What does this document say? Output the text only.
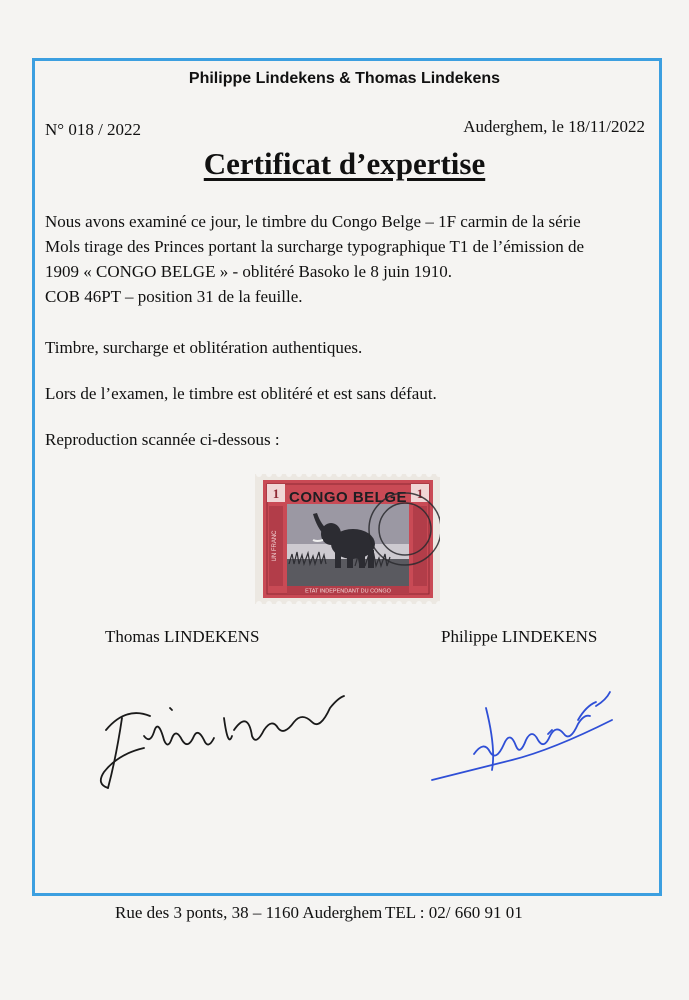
Philippe Lindekens & Thomas Lindekens
N° 018 / 2022	Auderghem, le 18/11/2022
Certificat d’expertise
Nous avons examiné ce jour, le timbre du Congo Belge – 1F carmin de la série
Mols tirage des Princes portant la surcharge typographique T1 de l’émission de
1909 « CONGO BELGE » - oblitéré Basoko le 8 juin 1910.
COB 46PT – position 31 de la feuille.
Timbre, surcharge et oblitération authentiques.
Lors de l’examen, le timbre est oblitéré et est sans défaut.
Reproduction scannée ci-dessous :
1	1
UN FRANC
ETAT INDEPENDANT DU CONGO
CONGO BELGE
Thomas LINDEKENS	Philippe LINDEKENS
Rue des 3 ponts, 38 – 1160 Auderghem TEL : 02/ 660 91 01
